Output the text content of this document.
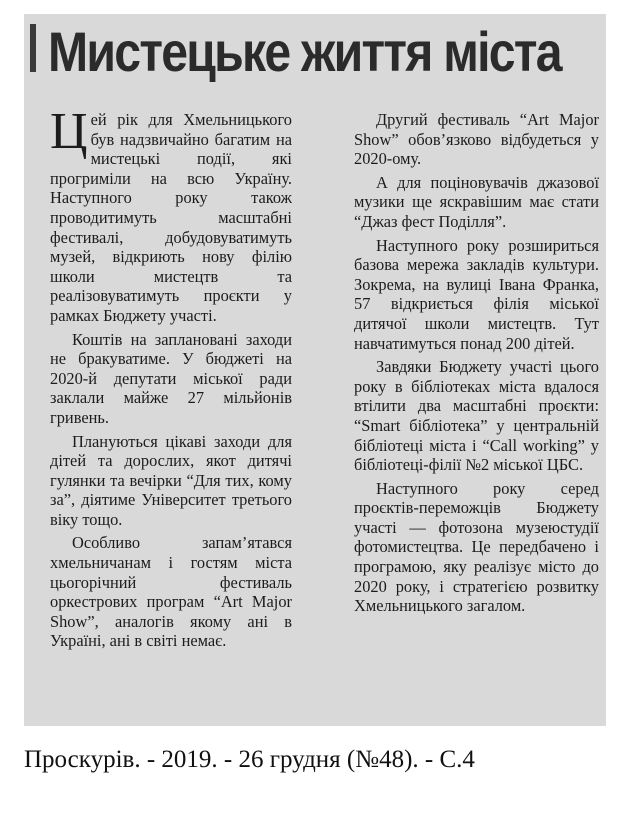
Мистецьке життя міста

Цей рік для Хмельницького був надзвичайно багатим на мистецькі події, які прогриміли на всю Україну. Наступного року також проводитимуть масштабні фестивалі, добудовуватимуть музей, відкриють нову філію школи мистецтв та реалізовуватимуть проєкти у рамках Бюджету участі.

Коштів на заплановані заходи не бракуватиме. У бюджеті на 2020-й депутати міської ради заклали майже 27 мільйонів гривень.

Плануються цікаві заходи для дітей та дорослих, якот дитячі гулянки та вечірки “Для тих, кому за”, діятиме Університет третього віку тощо.

Особливо запам’ятався хмельничанам і гостям міста цьогорічний фестиваль оркестрових програм “Art Major Show”, аналогів якому ані в Україні, ані в світі немає.

Другий фестиваль “Art Major Show” обов’язково відбудеться у 2020-ому.

А для поціновувачів джазової музики ще яскравішим має стати “Джаз фест Поділля”.

Наступного року розшириться базова мережа закладів культури. Зокрема, на вулиці Івана Франка, 57 відкриється філія міської дитячої школи мистецтв. Тут навчатимуться понад 200 дітей.

Завдяки Бюджету участі цього року в бібліотеках міста вдалося втілити два масштабні проєкти: “Smart бібліотека” у центральній бібліотеці міста і “Call working” у бібліотеці-філії №2 міської ЦБС.

Наступного року серед проєктів-переможців Бюджету участі — фотозона музеюстудії фотомистецтва. Це передбачено і програмою, яку реалізує місто до 2020 року, і стратегією розвитку Хмельницького загалом.

Проскурів. - 2019. - 26 грудня (№48). - С.4
